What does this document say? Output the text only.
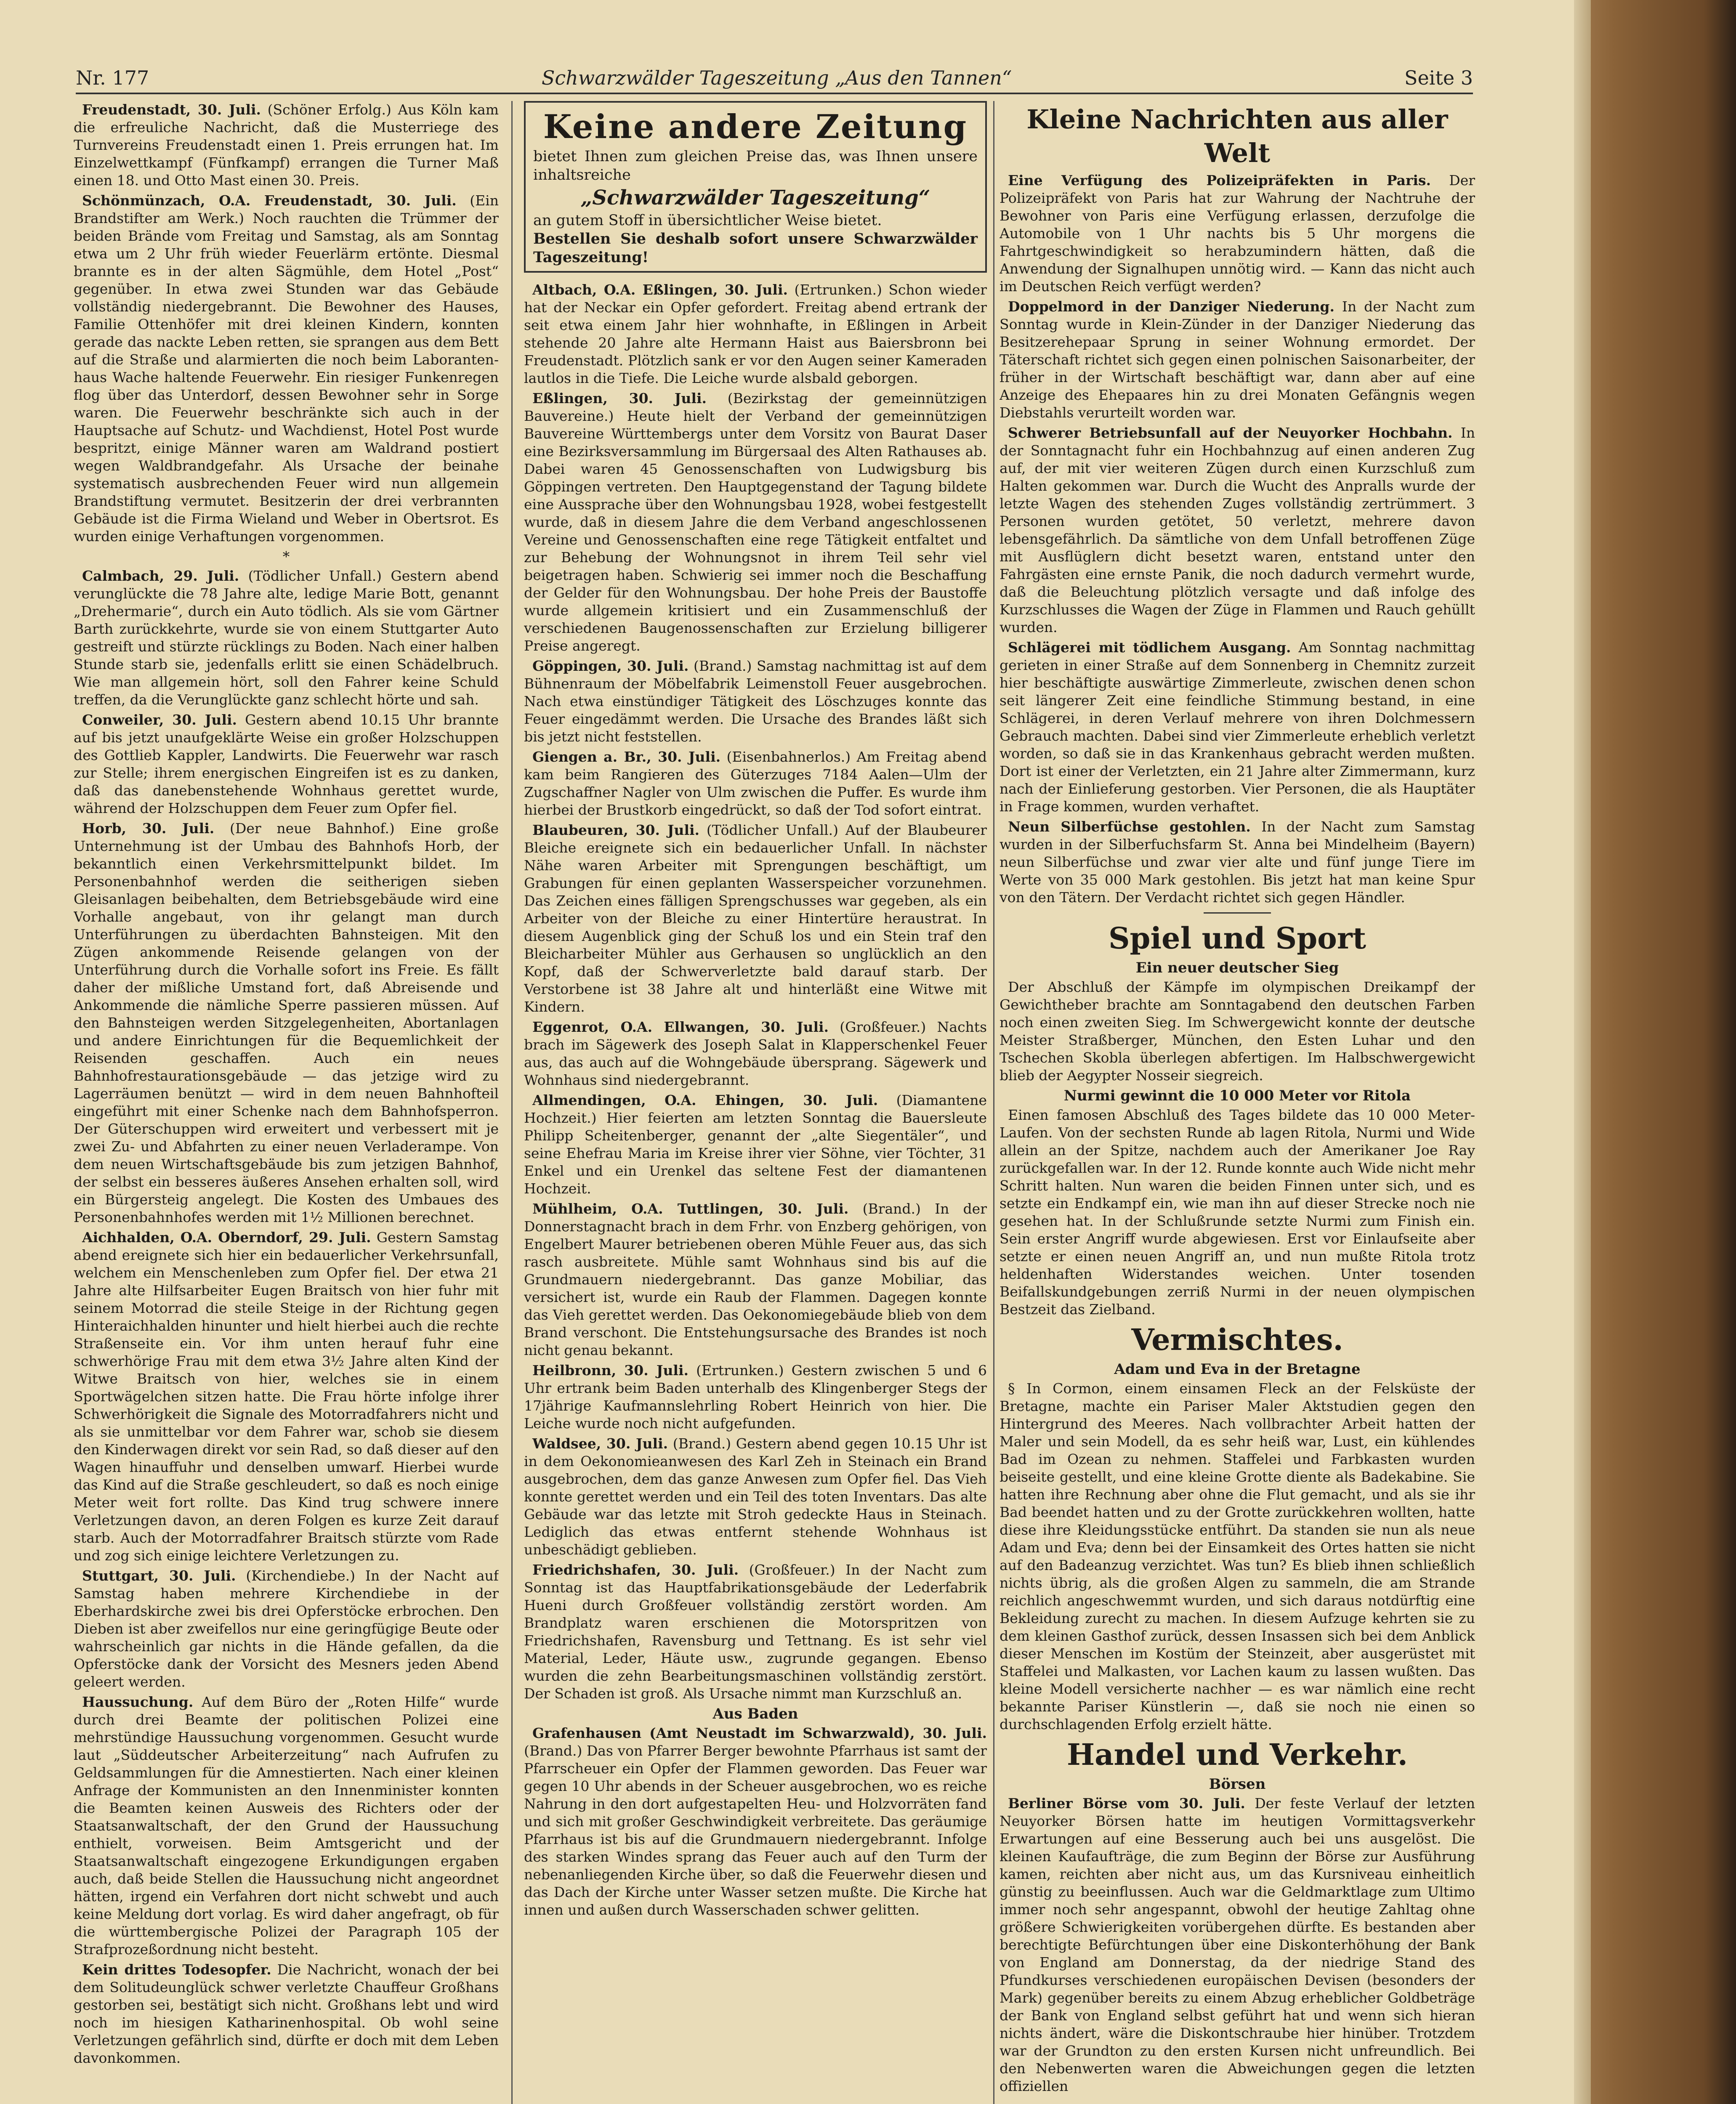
Nr. 177	Schwarzwälder Tageszeitung „Aus den Tannen“	Seite 3

Freudenstadt, 30. Juli. (Schöner Erfolg.) Aus Köln kam die erfreuliche Nachricht, daß die Musterriege des Turnvereins Freudenstadt einen 1. Preis errungen hat. Im Einzelwettkampf (Fünfkampf) errangen die Turner Maß einen 18. und Otto Mast einen 30. Preis.

Schönmünzach, O.A. Freudenstadt, 30. Juli. (Ein Brandstifter am Werk.) Noch rauchten die Trümmer der beiden Brände vom Freitag und Samstag, als am Sonntag etwa um 2 Uhr früh wieder Feuerlärm ertönte. Diesmal brannte es in der alten Sägmühle, dem Hotel „Post“ gegenüber. In etwa zwei Stunden war das Gebäude vollständig niedergebrannt. Die Bewohner des Hauses, Familie Ottenhöfer mit drei kleinen Kindern, konnten gerade das nackte Leben retten, sie sprangen aus dem Bett auf die Straße und alarmierten die noch beim Laboranten-haus Wache haltende Feuerwehr. Ein riesiger Funkenregen flog über das Unterdorf, dessen Bewohner sehr in Sorge waren. Die Feuerwehr beschränkte sich auch in der Hauptsache auf Schutz- und Wachdienst, Hotel Post wurde bespritzt, einige Männer waren am Waldrand postiert wegen Waldbrandgefahr. Als Ursache der beinahe systematisch ausbrechenden Feuer wird nun allgemein Brandstiftung vermutet. Besitzerin der drei verbrannten Gebäude ist die Firma Wieland und Weber in Obertsrot. Es wurden einige Verhaftungen vorgenommen.

*

Calmbach, 29. Juli. (Tödlicher Unfall.) Gestern abend verunglückte die 78 Jahre alte, ledige Marie Bott, genannt „Drehermarie“, durch ein Auto tödlich. Als sie vom Gärtner Barth zurückkehrte, wurde sie von einem Stuttgarter Auto gestreift und stürzte rücklings zu Boden. Nach einer halben Stunde starb sie, jedenfalls erlitt sie einen Schädelbruch. Wie man allgemein hört, soll den Fahrer keine Schuld treffen, da die Verunglückte ganz schlecht hörte und sah.

Conweiler, 30. Juli. Gestern abend 10.15 Uhr brannte auf bis jetzt unaufgeklärte Weise ein großer Holzschuppen des Gottlieb Kappler, Landwirts. Die Feuerwehr war rasch zur Stelle; ihrem energischen Eingreifen ist es zu danken, daß das danebenstehende Wohnhaus gerettet wurde, während der Holzschuppen dem Feuer zum Opfer fiel.

Horb, 30. Juli. (Der neue Bahnhof.) Eine große Unternehmung ist der Umbau des Bahnhofs Horb, der bekanntlich einen Verkehrsmittelpunkt bildet. Im Personenbahnhof werden die seitherigen sieben Gleisanlagen beibehalten, dem Betriebsgebäude wird eine Vorhalle angebaut, von ihr gelangt man durch Unterführungen zu überdachten Bahnsteigen. Mit den Zügen ankommende Reisende gelangen von der Unterführung durch die Vorhalle sofort ins Freie. Es fällt daher der mißliche Umstand fort, daß Abreisende und Ankommende die nämliche Sperre passieren müssen. Auf den Bahnsteigen werden Sitzgelegenheiten, Abortanlagen und andere Einrichtungen für die Bequemlichkeit der Reisenden geschaffen. Auch ein neues Bahnhofrestaurationsgebäude — das jetzige wird zu Lagerräumen benützt — wird in dem neuen Bahnhofteil eingeführt mit einer Schenke nach dem Bahnhofsperron. Der Güterschuppen wird erweitert und verbessert mit je zwei Zu- und Abfahrten zu einer neuen Verladerampe. Von dem neuen Wirtschaftsgebäude bis zum jetzigen Bahnhof, der selbst ein besseres äußeres Ansehen erhalten soll, wird ein Bürgersteig angelegt. Die Kosten des Umbaues des Personenbahnhofes werden mit 1½ Millionen berechnet.

Aichhalden, O.A. Oberndorf, 29. Juli. Gestern Samstag abend ereignete sich hier ein bedauerlicher Verkehrsunfall, welchem ein Menschenleben zum Opfer fiel. Der etwa 21 Jahre alte Hilfsarbeiter Eugen Braitsch von hier fuhr mit seinem Motorrad die steile Steige in der Richtung gegen Hinteraichhalden hinunter und hielt hierbei auch die rechte Straßenseite ein. Vor ihm unten herauf fuhr eine schwerhörige Frau mit dem etwa 3½ Jahre alten Kind der Witwe Braitsch von hier, welches sie in einem Sportwägelchen sitzen hatte. Die Frau hörte infolge ihrer Schwerhörigkeit die Signale des Motorradfahrers nicht und als sie unmittelbar vor dem Fahrer war, schob sie diesem den Kinderwagen direkt vor sein Rad, so daß dieser auf den Wagen hinauffuhr und denselben umwarf. Hierbei wurde das Kind auf die Straße geschleudert, so daß es noch einige Meter weit fort rollte. Das Kind trug schwere innere Verletzungen davon, an deren Folgen es kurze Zeit darauf starb. Auch der Motorradfahrer Braitsch stürzte vom Rade und zog sich einige leichtere Verletzungen zu.

Stuttgart, 30. Juli. (Kirchendiebe.) In der Nacht auf Samstag haben mehrere Kirchendiebe in der Eberhardskirche zwei bis drei Opferstöcke erbrochen. Den Dieben ist aber zweifellos nur eine geringfügige Beute oder wahrscheinlich gar nichts in die Hände gefallen, da die Opferstöcke dank der Vorsicht des Mesners jeden Abend geleert werden.

Haussuchung. Auf dem Büro der „Roten Hilfe“ wurde durch drei Beamte der politischen Polizei eine mehrstündige Haussuchung vorgenommen. Gesucht wurde laut „Süddeutscher Arbeiterzeitung“ nach Aufrufen zu Geldsammlungen für die Amnestierten. Nach einer kleinen Anfrage der Kommunisten an den Innenminister konnten die Beamten keinen Ausweis des Richters oder der Staatsanwaltschaft, der den Grund der Haussuchung enthielt, vorweisen. Beim Amtsgericht und der Staatsanwaltschaft eingezogene Erkundigungen ergaben auch, daß beide Stellen die Haussuchung nicht angeordnet hätten, irgend ein Verfahren dort nicht schwebt und auch keine Meldung dort vorlag. Es wird daher angefragt, ob für die württembergische Polizei der Paragraph 105 der Strafprozeßordnung nicht besteht.

Kein drittes Todesopfer. Die Nachricht, wonach der bei dem Solitudeunglück schwer verletzte Chauffeur Großhans gestorben sei, bestätigt sich nicht. Großhans lebt und wird noch im hiesigen Katharinenhospital. Ob wohl seine Verletzungen gefährlich sind, dürfte er doch mit dem Leben davonkommen.

Keine andere Zeitung
bietet Ihnen zum gleichen Preise das, was Ihnen unsere inhaltsreiche
„Schwarzwälder Tageszeitung“
an gutem Stoff in übersichtlicher Weise bietet.
Bestellen Sie deshalb sofort unsere Schwarzwälder Tageszeitung!

Altbach, O.A. Eßlingen, 30. Juli. (Ertrunken.) Schon wieder hat der Neckar ein Opfer gefordert. Freitag abend ertrank der seit etwa einem Jahr hier wohnhafte, in Eßlingen in Arbeit stehende 20 Jahre alte Hermann Haist aus Baiersbronn bei Freudenstadt. Plötzlich sank er vor den Augen seiner Kameraden lautlos in die Tiefe. Die Leiche wurde alsbald geborgen.

Eßlingen, 30. Juli. (Bezirkstag der gemeinnützigen Bauvereine.) Heute hielt der Verband der gemeinnützigen Bauvereine Württembergs unter dem Vorsitz von Baurat Daser eine Bezirksversammlung im Bürgersaal des Alten Rathauses ab. Dabei waren 45 Genossenschaften von Ludwigsburg bis Göppingen vertreten. Den Hauptgegenstand der Tagung bildete eine Aussprache über den Wohnungsbau 1928, wobei festgestellt wurde, daß in diesem Jahre die dem Verband angeschlossenen Vereine und Genossenschaften eine rege Tätigkeit entfaltet und zur Behebung der Wohnungsnot in ihrem Teil sehr viel beigetragen haben. Schwierig sei immer noch die Beschaffung der Gelder für den Wohnungsbau. Der hohe Preis der Baustoffe wurde allgemein kritisiert und ein Zusammenschluß der verschiedenen Baugenossenschaften zur Erzielung billigerer Preise angeregt.

Göppingen, 30. Juli. (Brand.) Samstag nachmittag ist auf dem Bühnenraum der Möbelfabrik Leimenstoll Feuer ausgebrochen. Nach etwa einstündiger Tätigkeit des Löschzuges konnte das Feuer eingedämmt werden. Die Ursache des Brandes läßt sich bis jetzt nicht feststellen.

Giengen a. Br., 30. Juli. (Eisenbahnerlos.) Am Freitag abend kam beim Rangieren des Güterzuges 7184 Aalen—Ulm der Zugschaffner Nagler von Ulm zwischen die Puffer. Es wurde ihm hierbei der Brustkorb eingedrückt, so daß der Tod sofort eintrat.

Blaubeuren, 30. Juli. (Tödlicher Unfall.) Auf der Blaubeurer Bleiche ereignete sich ein bedauerlicher Unfall. In nächster Nähe waren Arbeiter mit Sprengungen beschäftigt, um Grabungen für einen geplanten Wasserspeicher vorzunehmen. Das Zeichen eines fälligen Sprengschusses war gegeben, als ein Arbeiter von der Bleiche zu einer Hintertüre heraustrat. In diesem Augenblick ging der Schuß los und ein Stein traf den Bleicharbeiter Mühler aus Gerhausen so unglücklich an den Kopf, daß der Schwerverletzte bald darauf starb. Der Verstorbene ist 38 Jahre alt und hinterläßt eine Witwe mit Kindern.

Eggenrot, O.A. Ellwangen, 30. Juli. (Großfeuer.) Nachts brach im Sägewerk des Joseph Salat in Klapperschenkel Feuer aus, das auch auf die Wohngebäude übersprang. Sägewerk und Wohnhaus sind niedergebrannt.

Allmendingen, O.A. Ehingen, 30. Juli. (Diamantene Hochzeit.) Hier feierten am letzten Sonntag die Bauersleute Philipp Scheitenberger, genannt der „alte Siegentäler“, und seine Ehefrau Maria im Kreise ihrer vier Söhne, vier Töchter, 31 Enkel und ein Urenkel das seltene Fest der diamantenen Hochzeit.

Mühlheim, O.A. Tuttlingen, 30. Juli. (Brand.) In der Donnerstagnacht brach in dem Frhr. von Enzberg gehörigen, von Engelbert Maurer betriebenen oberen Mühle Feuer aus, das sich rasch ausbreitete. Mühle samt Wohnhaus sind bis auf die Grundmauern niedergebrannt. Das ganze Mobiliar, das versichert ist, wurde ein Raub der Flammen. Dagegen konnte das Vieh gerettet werden. Das Oekonomiegebäude blieb von dem Brand verschont. Die Entstehungsursache des Brandes ist noch nicht genau bekannt.

Heilbronn, 30. Juli. (Ertrunken.) Gestern zwischen 5 und 6 Uhr ertrank beim Baden unterhalb des Klingenberger Stegs der 17jährige Kaufmannslehrling Robert Heinrich von hier. Die Leiche wurde noch nicht aufgefunden.

Waldsee, 30. Juli. (Brand.) Gestern abend gegen 10.15 Uhr ist in dem Oekonomieanwesen des Karl Zeh in Steinach ein Brand ausgebrochen, dem das ganze Anwesen zum Opfer fiel. Das Vieh konnte gerettet werden und ein Teil des toten Inventars. Das alte Gebäude war das letzte mit Stroh gedeckte Haus in Steinach. Lediglich das etwas entfernt stehende Wohnhaus ist unbeschädigt geblieben.

Friedrichshafen, 30. Juli. (Großfeuer.) In der Nacht zum Sonntag ist das Hauptfabrikationsgebäude der Lederfabrik Hueni durch Großfeuer vollständig zerstört worden. Am Brandplatz waren erschienen die Motorspritzen von Friedrichshafen, Ravensburg und Tettnang. Es ist sehr viel Material, Leder, Häute usw., zugrunde gegangen. Ebenso wurden die zehn Bearbeitungsmaschinen vollständig zerstört. Der Schaden ist groß. Als Ursache nimmt man Kurzschluß an.

Aus Baden

Grafenhausen (Amt Neustadt im Schwarzwald), 30. Juli. (Brand.) Das von Pfarrer Berger bewohnte Pfarrhaus ist samt der Pfarrscheuer ein Opfer der Flammen geworden. Das Feuer war gegen 10 Uhr abends in der Scheuer ausgebrochen, wo es reiche Nahrung in den dort aufgestapelten Heu- und Holzvorräten fand und sich mit großer Geschwindigkeit verbreitete. Das geräumige Pfarrhaus ist bis auf die Grundmauern niedergebrannt. Infolge des starken Windes sprang das Feuer auch auf den Turm der nebenanliegenden Kirche über, so daß die Feuerwehr diesen und das Dach der Kirche unter Wasser setzen mußte. Die Kirche hat innen und außen durch Wasserschaden schwer gelitten.

Kleine Nachrichten aus aller Welt

Eine Verfügung des Polizeipräfekten in Paris. Der Polizeipräfekt von Paris hat zur Wahrung der Nachtruhe der Bewohner von Paris eine Verfügung erlassen, derzufolge die Automobile von 1 Uhr nachts bis 5 Uhr morgens die Fahrtgeschwindigkeit so herabzumindern hätten, daß die Anwendung der Signalhupen unnötig wird. — Kann das nicht auch im Deutschen Reich verfügt werden?

Doppelmord in der Danziger Niederung. In der Nacht zum Sonntag wurde in Klein-Zünder in der Danziger Niederung das Besitzerehepaar Sprung in seiner Wohnung ermordet. Der Täterschaft richtet sich gegen einen polnischen Saisonarbeiter, der früher in der Wirtschaft beschäftigt war, dann aber auf eine Anzeige des Ehepaares hin zu drei Monaten Gefängnis wegen Diebstahls verurteilt worden war.

Schwerer Betriebsunfall auf der Neuyorker Hochbahn. In der Sonntagnacht fuhr ein Hochbahnzug auf einen anderen Zug auf, der mit vier weiteren Zügen durch einen Kurzschluß zum Halten gekommen war. Durch die Wucht des Anpralls wurde der letzte Wagen des stehenden Zuges vollständig zertrümmert. 3 Personen wurden getötet, 50 verletzt, mehrere davon lebensgefährlich. Da sämtliche von dem Unfall betroffenen Züge mit Ausflüglern dicht besetzt waren, entstand unter den Fahrgästen eine ernste Panik, die noch dadurch vermehrt wurde, daß die Beleuchtung plötzlich versagte und daß infolge des Kurzschlusses die Wagen der Züge in Flammen und Rauch gehüllt wurden.

Schlägerei mit tödlichem Ausgang. Am Sonntag nachmittag gerieten in einer Straße auf dem Sonnenberg in Chemnitz zurzeit hier beschäftigte auswärtige Zimmerleute, zwischen denen schon seit längerer Zeit eine feindliche Stimmung bestand, in eine Schlägerei, in deren Verlauf mehrere von ihren Dolchmessern Gebrauch machten. Dabei sind vier Zimmerleute erheblich verletzt worden, so daß sie in das Krankenhaus gebracht werden mußten. Dort ist einer der Verletzten, ein 21 Jahre alter Zimmermann, kurz nach der Einlieferung gestorben. Vier Personen, die als Hauptäter in Frage kommen, wurden verhaftet.

Neun Silberfüchse gestohlen. In der Nacht zum Samstag wurden in der Silberfuchsfarm St. Anna bei Mindelheim (Bayern) neun Silberfüchse und zwar vier alte und fünf junge Tiere im Werte von 35 000 Mark gestohlen. Bis jetzt hat man keine Spur von den Tätern. Der Verdacht richtet sich gegen Händler.

Spiel und Sport
Ein neuer deutscher Sieg

Der Abschluß der Kämpfe im olympischen Dreikampf der Gewichtheber brachte am Sonntagabend den deutschen Farben noch einen zweiten Sieg. Im Schwergewicht konnte der deutsche Meister Straßberger, München, den Esten Luhar und den Tschechen Skobla überlegen abfertigen. Im Halbschwergewicht blieb der Aegypter Nosseir siegreich.

Nurmi gewinnt die 10 000 Meter vor Ritola

Einen famosen Abschluß des Tages bildete das 10 000 Meter-Laufen. Von der sechsten Runde ab lagen Ritola, Nurmi und Wide allein an der Spitze, nachdem auch der Amerikaner Joe Ray zurückgefallen war. In der 12. Runde konnte auch Wide nicht mehr Schritt halten. Nun waren die beiden Finnen unter sich, und es setzte ein Endkampf ein, wie man ihn auf dieser Strecke noch nie gesehen hat. In der Schlußrunde setzte Nurmi zum Finish ein. Sein erster Angriff wurde abgewiesen. Erst vor Einlaufseite aber setzte er einen neuen Angriff an, und nun mußte Ritola trotz heldenhaften Widerstandes weichen. Unter tosenden Beifallskundgebungen zerriß Nurmi in der neuen olympischen Bestzeit das Zielband.

Vermischtes.
Adam und Eva in der Bretagne

§ In Cormon, einem einsamen Fleck an der Felsküste der Bretagne, machte ein Pariser Maler Aktstudien gegen den Hintergrund des Meeres. Nach vollbrachter Arbeit hatten der Maler und sein Modell, da es sehr heiß war, Lust, ein kühlendes Bad im Ozean zu nehmen. Staffelei und Farbkasten wurden beiseite gestellt, und eine kleine Grotte diente als Badekabine. Sie hatten ihre Rechnung aber ohne die Flut gemacht, und als sie ihr Bad beendet hatten und zu der Grotte zurückkehren wollten, hatte diese ihre Kleidungsstücke entführt. Da standen sie nun als neue Adam und Eva; denn bei der Einsamkeit des Ortes hatten sie nicht auf den Badeanzug verzichtet. Was tun? Es blieb ihnen schließlich nichts übrig, als die großen Algen zu sammeln, die am Strande reichlich angeschwemmt wurden, und sich daraus notdürftig eine Bekleidung zurecht zu machen. In diesem Aufzuge kehrten sie zu dem kleinen Gasthof zurück, dessen Insassen sich bei dem Anblick dieser Menschen im Kostüm der Steinzeit, aber ausgerüstet mit Staffelei und Malkasten, vor Lachen kaum zu lassen wußten. Das kleine Modell versicherte nachher — es war nämlich eine recht bekannte Pariser Künstlerin —, daß sie noch nie einen so durchschlagenden Erfolg erzielt hätte.

Handel und Verkehr.
Börsen

Berliner Börse vom 30. Juli. Der feste Verlauf der letzten Neuyorker Börsen hatte im heutigen Vormittagsverkehr Erwartungen auf eine Besserung auch bei uns ausgelöst. Die kleinen Kaufaufträge, die zum Beginn der Börse zur Ausführung kamen, reichten aber nicht aus, um das Kursniveau einheitlich günstig zu beeinflussen. Auch war die Geldmarktlage zum Ultimo immer noch sehr angespannt, obwohl der heutige Zahltag ohne größere Schwierigkeiten vorübergehen dürfte. Es bestanden aber berechtigte Befürchtungen über eine Diskonterhöhung der Bank von England am Donnerstag, da der niedrige Stand des Pfundkurses verschiedenen europäischen Devisen (besonders der Mark) gegenüber bereits zu einem Abzug erheblicher Goldbeträge der Bank von England selbst geführt hat und wenn sich hieran nichts ändert, wäre die Diskontschraube hier hinüber. Trotzdem war der Grundton zu den ersten Kursen nicht unfreundlich. Bei den Nebenwerten waren die Abweichungen gegen die letzten offiziellen
